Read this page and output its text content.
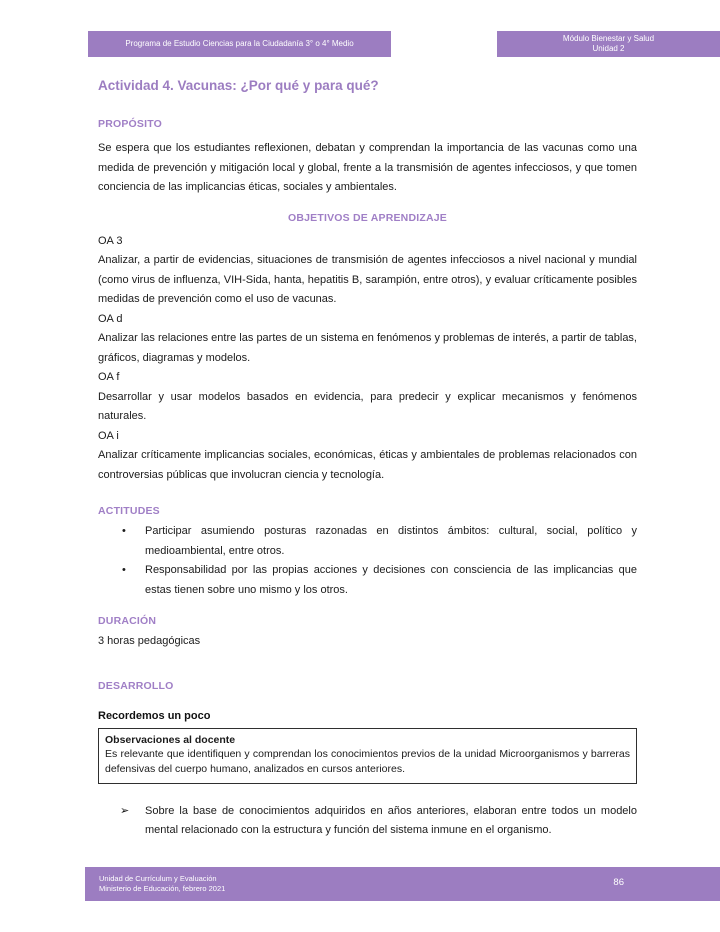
Programa de Estudio Ciencias para la Ciudadanía 3° o 4° Medio
Módulo Bienestar y Salud
Unidad 2
Actividad 4. Vacunas: ¿Por qué y para qué?
PROPÓSITO

Se espera que los estudiantes reflexionen, debatan y comprendan la importancia de las vacunas como una medida de prevención y mitigación local y global, frente a la transmisión de agentes infecciosos, y que tomen conciencia de las implicancias éticas, sociales y ambientales.

OBJETIVOS DE APRENDIZAJE
OA 3

Analizar, a partir de evidencias, situaciones de transmisión de agentes infecciosos a nivel nacional y mundial (como virus de influenza, VIH-Sida, hanta, hepatitis B, sarampión, entre otros), y evaluar críticamente posibles medidas de prevención como el uso de vacunas.

OA d

Analizar las relaciones entre las partes de un sistema en fenómenos y problemas de interés, a partir de tablas, gráficos, diagramas y modelos.

OA f

Desarrollar y usar modelos basados en evidencia, para predecir y explicar mecanismos y fenómenos naturales.

OA i

Analizar críticamente implicancias sociales, económicas, éticas y ambientales de problemas relacionados con controversias públicas que involucran ciencia y tecnología.

ACTITUDES
• Participar asumiendo posturas razonadas en distintos ámbitos: cultural, social, político y medioambiental, entre otros.
• Responsabilidad por las propias acciones y decisiones con consciencia de las implicancias que estas tienen sobre uno mismo y los otros.
DURACIÓN

3 horas pedagógicas

DESARROLLO
Recordemos un poco
Observaciones al docente

Es relevante que identifiquen y comprendan los conocimientos previos de la unidad Microorganismos y barreras defensivas del cuerpo humano, analizados en cursos anteriores.

➢ Sobre la base de conocimientos adquiridos en años anteriores, elaboran entre todos un modelo mental relacionado con la estructura y función del sistema inmune en el organismo.
Unidad de Currículum y Evaluación
Ministerio de Educación, febrero 2021
86
